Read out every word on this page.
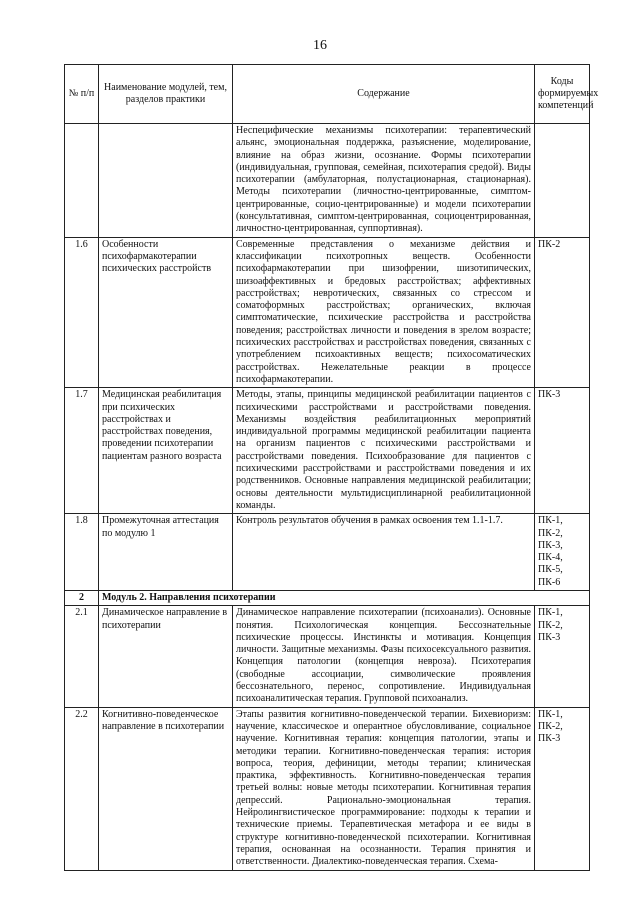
16
№ п/п	Наименование модулей, тем, разделов практики	Содержание	Коды формируемых компетенций
		Неспецифические механизмы психотерапии: терапевтический альянс, эмоциональная поддержка, разъяснение, моделирование, влияние на образ жизни, осознание. Формы психотерапии (индивидуальная, групповая, семейная, психотерапия средой). Виды психотерапии (амбулаторная, полустационарная, стационарная). Методы психотерапии (личностно-центрированные, симптом-центрированные, социо-центрированные) и модели психотерапии (консультативная, симптом-центрированная, социоцентрированная, личностно-центрированная, суппортивная).	
1.6	Особенности психофармакотерапии психических расстройств	Современные представления о механизме действия и классификации психотропных веществ. Особенности психофармакотерапии при шизофрении, шизотипических, шизоаффективных и бредовых расстройствах; аффективных расстройствах; невротических, связанных со стрессом и соматоформных расстройствах; органических, включая симптоматические, психические расстройства и расстройства поведения; расстройствах личности и поведения в зрелом возрасте; психических расстройствах и расстройствах поведения, связанных с употреблением психоактивных веществ; психосоматических расстройствах. Нежелательные реакции в процессе психофармакотерапии.	ПК-2
1.7	Медицинская реабилитация при психических расстройствах и расстройствах поведения, проведении психотерапии пациентам разного возраста	Методы, этапы, принципы медицинской реабилитации пациентов с психическими расстройствами и расстройствами поведения. Механизмы воздействия реабилитационных мероприятий индивидуальной программы медицинской реабилитации пациента на организм пациентов с психическими расстройствами и расстройствами поведения. Психообразование для пациентов с психическими расстройствами и расстройствами поведения и их родственников. Основные направления медицинской реабилитации; основы деятельности мультидисциплинарной реабилитационной команды.	ПК-3
1.8	Промежуточная аттестация по модулю 1	Контроль результатов обучения в рамках освоения тем 1.1-1.7.	ПК-1, ПК-2, ПК-3, ПК-4, ПК-5, ПК-6
2	Модуль 2. Направления психотерапии		
2.1	Динамическое направление в психотерапии	Динамическое направление психотерапии (психоанализ). Основные понятия. Психологическая концепция. Бессознательные психические процессы. Инстинкты и мотивация. Концепция личности. Защитные механизмы. Фазы психосексуального развития. Концепция патологии (концепция невроза). Психотерапия (свободные ассоциации, символические проявления бессознательного, перенос, сопротивление. Индивидуальная психоаналитическая терапия. Групповой психоанализ.	ПК-1, ПК-2, ПК-3
2.2	Когнитивно-поведенческое направление в психотерапии	Этапы развития когнитивно-поведенческой терапии. Бихевиоризм: научение, классическое и оперантное обусловливание, социальное научение. Когнитивная терапия: концепция патологии, этапы и методики терапии. Когнитивно-поведенческая терапия: история вопроса, теория, дефиниции, методы терапии; клиническая практика, эффективность. Когнитивно-поведенческая терапия третьей волны: новые методы психотерапии. Когнитивная терапия депрессий. Рационально-эмоциональная терапия. Нейролингвистическое программирование: подходы к терапии и технические приемы. Терапевтическая метафора и ее виды в структуре когнитивно-поведенческой психотерапии. Когнитивная терапия, основанная на осознанности. Терапия принятия и ответственности. Диалектико-поведенческая терапия. Схема-	ПК-1, ПК-2, ПК-3
